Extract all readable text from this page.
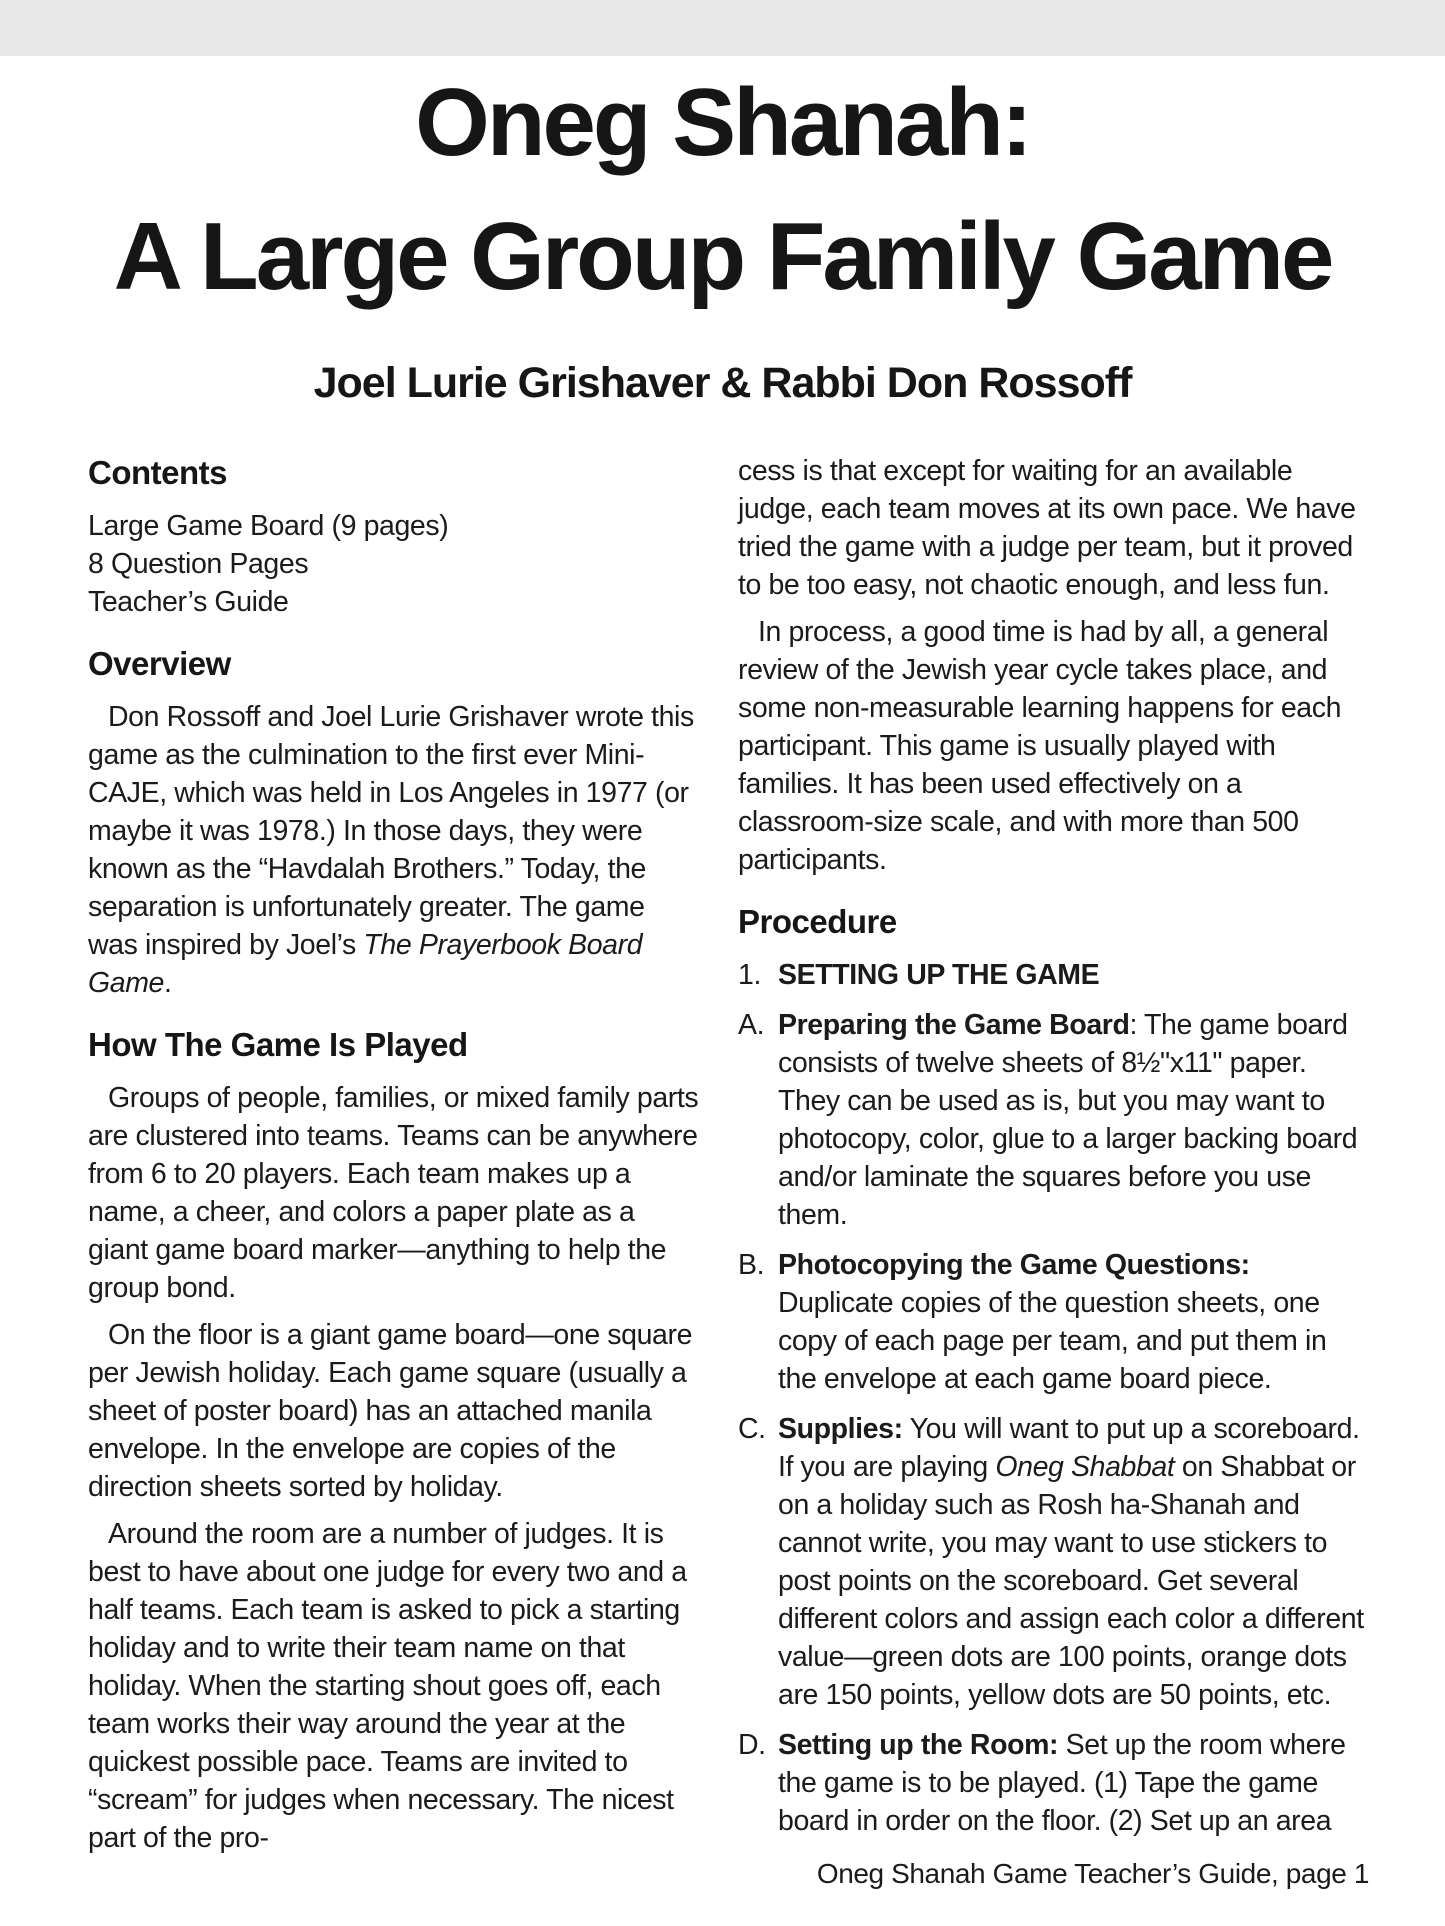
Oneg Shanah:
A Large Group Family Game
Joel Lurie Grishaver & Rabbi Don Rossoff
Contents

Large Game Board (9 pages)

8 Question Pages

Teacher’s Guide

Overview

Don Rossoff and Joel Lurie Grishaver wrote this game as the culmination to the first ever Mini-CAJE, which was held in Los Angeles in 1977 (or maybe it was 1978.) In those days, they were known as the “Havdalah Brothers.” Today, the separation is unfortunately greater. The game was inspired by Joel’s The Prayerbook Board Game.

How The Game Is Played

Groups of people, families, or mixed family parts are clustered into teams. Teams can be anywhere from 6 to 20 players. Each team makes up a name, a cheer, and colors a paper plate as a giant game board marker—anything to help the group bond.

On the floor is a giant game board—one square per Jewish holiday. Each game square (usually a sheet of poster board) has an attached manila envelope. In the envelope are copies of the direction sheets sorted by holiday.

Around the room are a number of judges. It is best to have about one judge for every two and a half teams. Each team is asked to pick a starting holiday and to write their team name on that holiday. When the starting shout goes off, each team works their way around the year at the quickest possible pace. Teams are invited to “scream” for judges when necessary. The nicest part of the pro-

cess is that except for waiting for an available judge, each team moves at its own pace. We have tried the game with a judge per team, but it proved to be too easy, not chaotic enough, and less fun.

In process, a good time is had by all, a general review of the Jewish year cycle takes place, and some non-measurable learning happens for each participant. This game is usually played with families. It has been used effectively on a classroom-size scale, and with more than 500 participants.

Procedure
1. SETTING UP THE GAME
A. Preparing the Game Board: The game board consists of twelve sheets of 8½"x11" paper. They can be used as is, but you may want to photocopy, color, glue to a larger backing board and/or laminate the squares before you use them.
B. Photocopying the Game Questions: Duplicate copies of the question sheets, one copy of each page per team, and put them in the envelope at each game board piece.
C. Supplies: You will want to put up a scoreboard. If you are playing Oneg Shabbat on Shabbat or on a holiday such as Rosh ha-Shanah and cannot write, you may want to use stickers to post points on the scoreboard. Get several different colors and assign each color a different value—green dots are 100 points, orange dots are 150 points, yellow dots are 50 points, etc.
D. Setting up the Room: Set up the room where the game is to be played. (1) Tape the game board in order on the floor. (2) Set up an area

Oneg Shanah Game Teacher’s Guide, page 1
